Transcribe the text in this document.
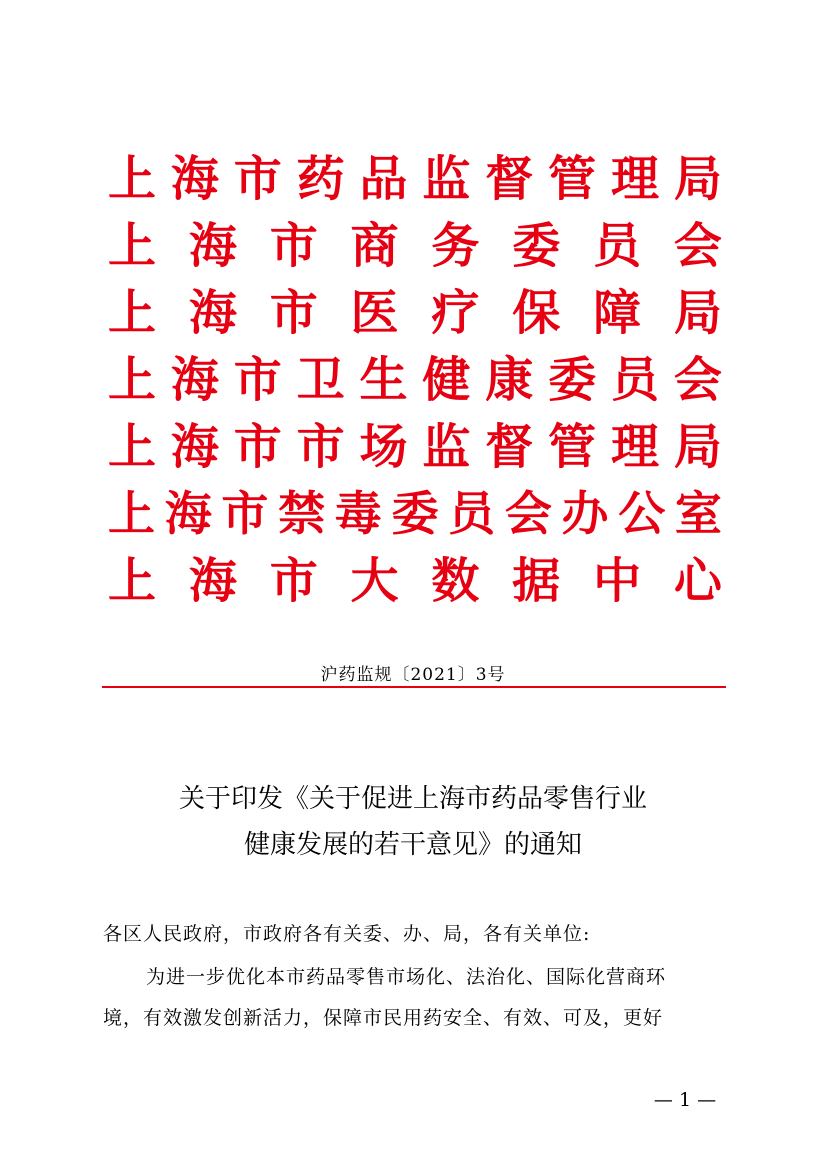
上 海 市 药 品 监 督 管 理 局
上 海 市 商 务 委 员 会
上 海 市 医 疗 保 障 局
上 海 市 卫 生 健 康 委 员 会
上 海 市 市 场 监 督 管 理 局
上 海 市 禁 毒 委 员 会 办 公 室
上 海 市 大 数 据 中 心
沪药监规〔2021〕3号
关于印发《关于促进上海市药品零售行业
健康发展的若干意见》的通知
各区人民政府，市政府各有关委、办、局，各有关单位:
为进一步优化本市药品零售市场化、法治化、国际化营商环
境，有效激发创新活力，保障市民用药安全、有效、可及，更好
— 1 —
